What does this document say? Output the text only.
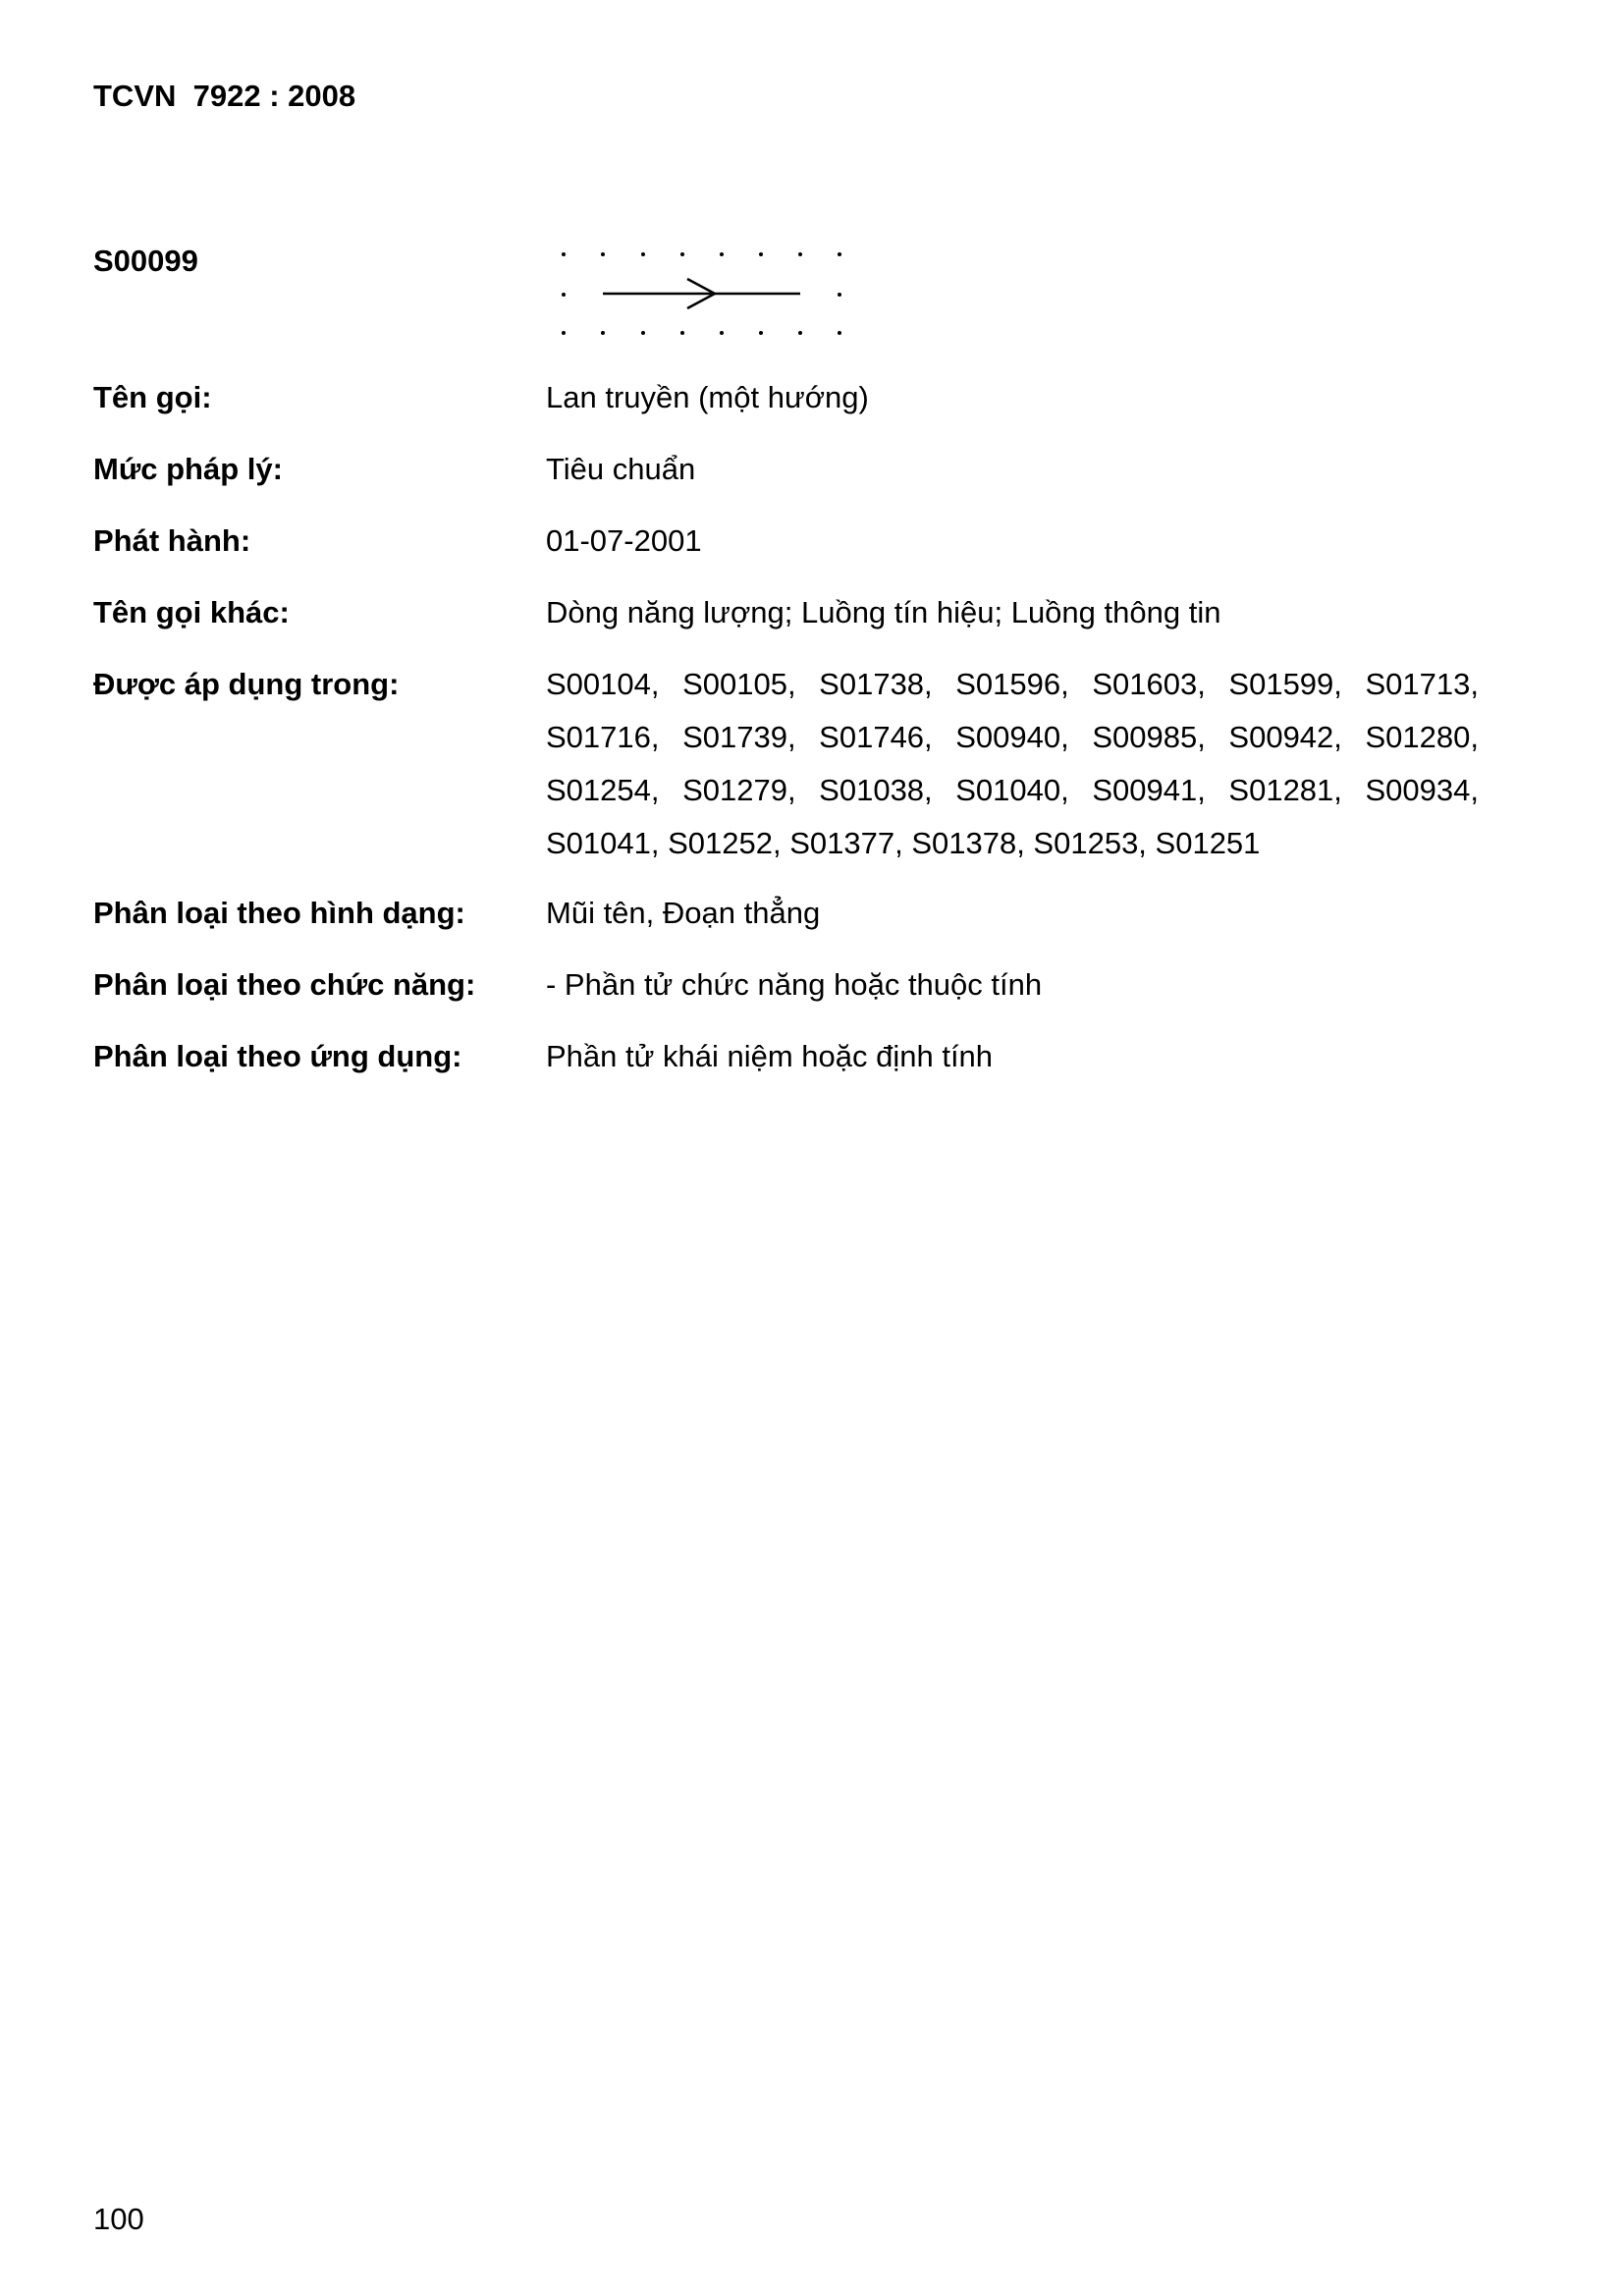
TCVN  7922 : 2008
S00099
Tên gọi:	Lan truyền (một hướng)
Mức pháp lý:	Tiêu chuẩn
Phát hành:	01-07-2001
Tên gọi khác:	Dòng năng lượng; Luồng tín hiệu; Luồng thông tin
Được áp dụng trong:	S00104, S00105, S01738, S01596, S01603, S01599, S01713, S01716, S01739, S01746, S00940, S00985, S00942, S01280, S01254, S01279, S01038, S01040, S00941, S01281, S00934, S01041, S01252, S01377, S01378, S01253, S01251
Phân loại theo hình dạng:	Mũi tên, Đoạn thẳng
Phân loại theo chức năng:	- Phần tử chức năng hoặc thuộc tính
Phân loại theo ứng dụng:	Phần tử khái niệm hoặc định tính
100
